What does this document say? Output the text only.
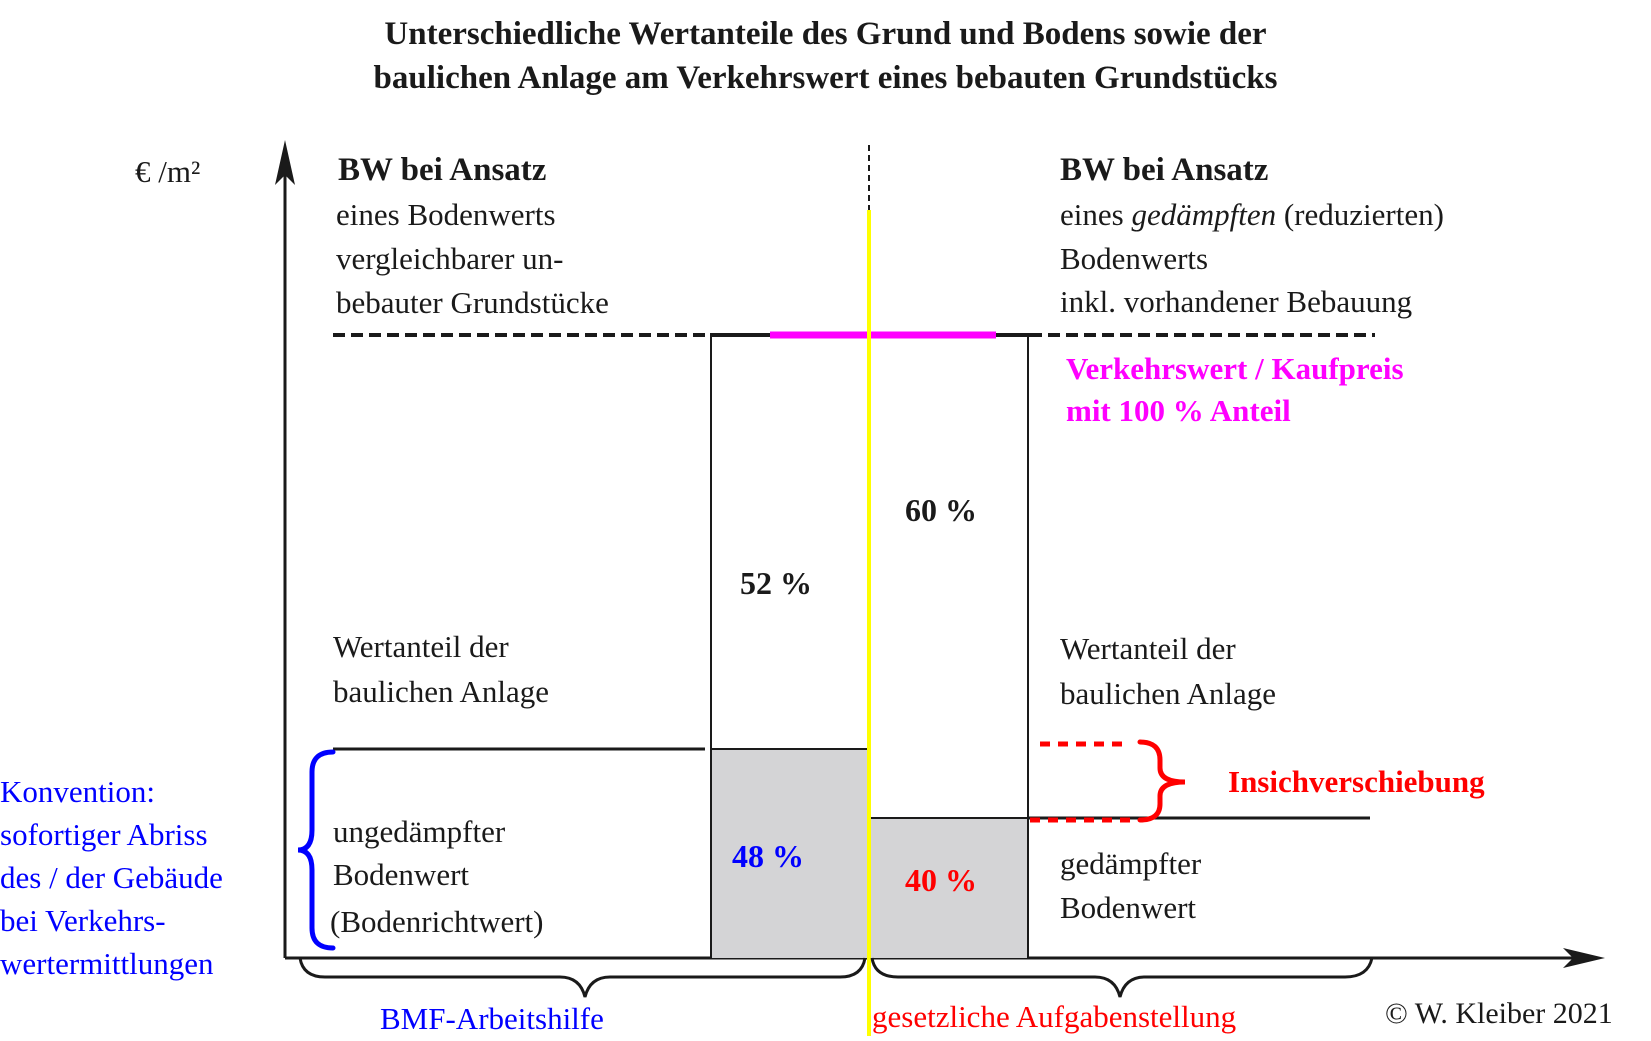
Unterschiedliche Wertanteile des Grund und Bodens sowie der
baulichen Anlage am Verkehrswert eines bebauten Grundstücks
€ /m²	BW bei Ansatz
eines Bodenwerts
vergleichbarer un-
bebauter Grundstücke
BW bei Ansatz
eines gedämpften (reduzierten)
Bodenwerts
inkl. vorhandener Bebauung
Verkehrswert / Kaufpreis
mit 100 % Anteil
52 %
60 %
48 %
40 %
Wertanteil der
baulichen Anlage
Wertanteil der
baulichen Anlage
ungedämpfter
Bodenwert
(Bodenrichtwert)
gedämpfter
Bodenwert
Insichverschiebung
Konvention:
sofortiger Abriss
des / der Gebäude
bei Verkehrs-
wertermittlungen
BMF-Arbeitshilfe	gesetzliche Aufgabenstellung	© W. Kleiber 2021
